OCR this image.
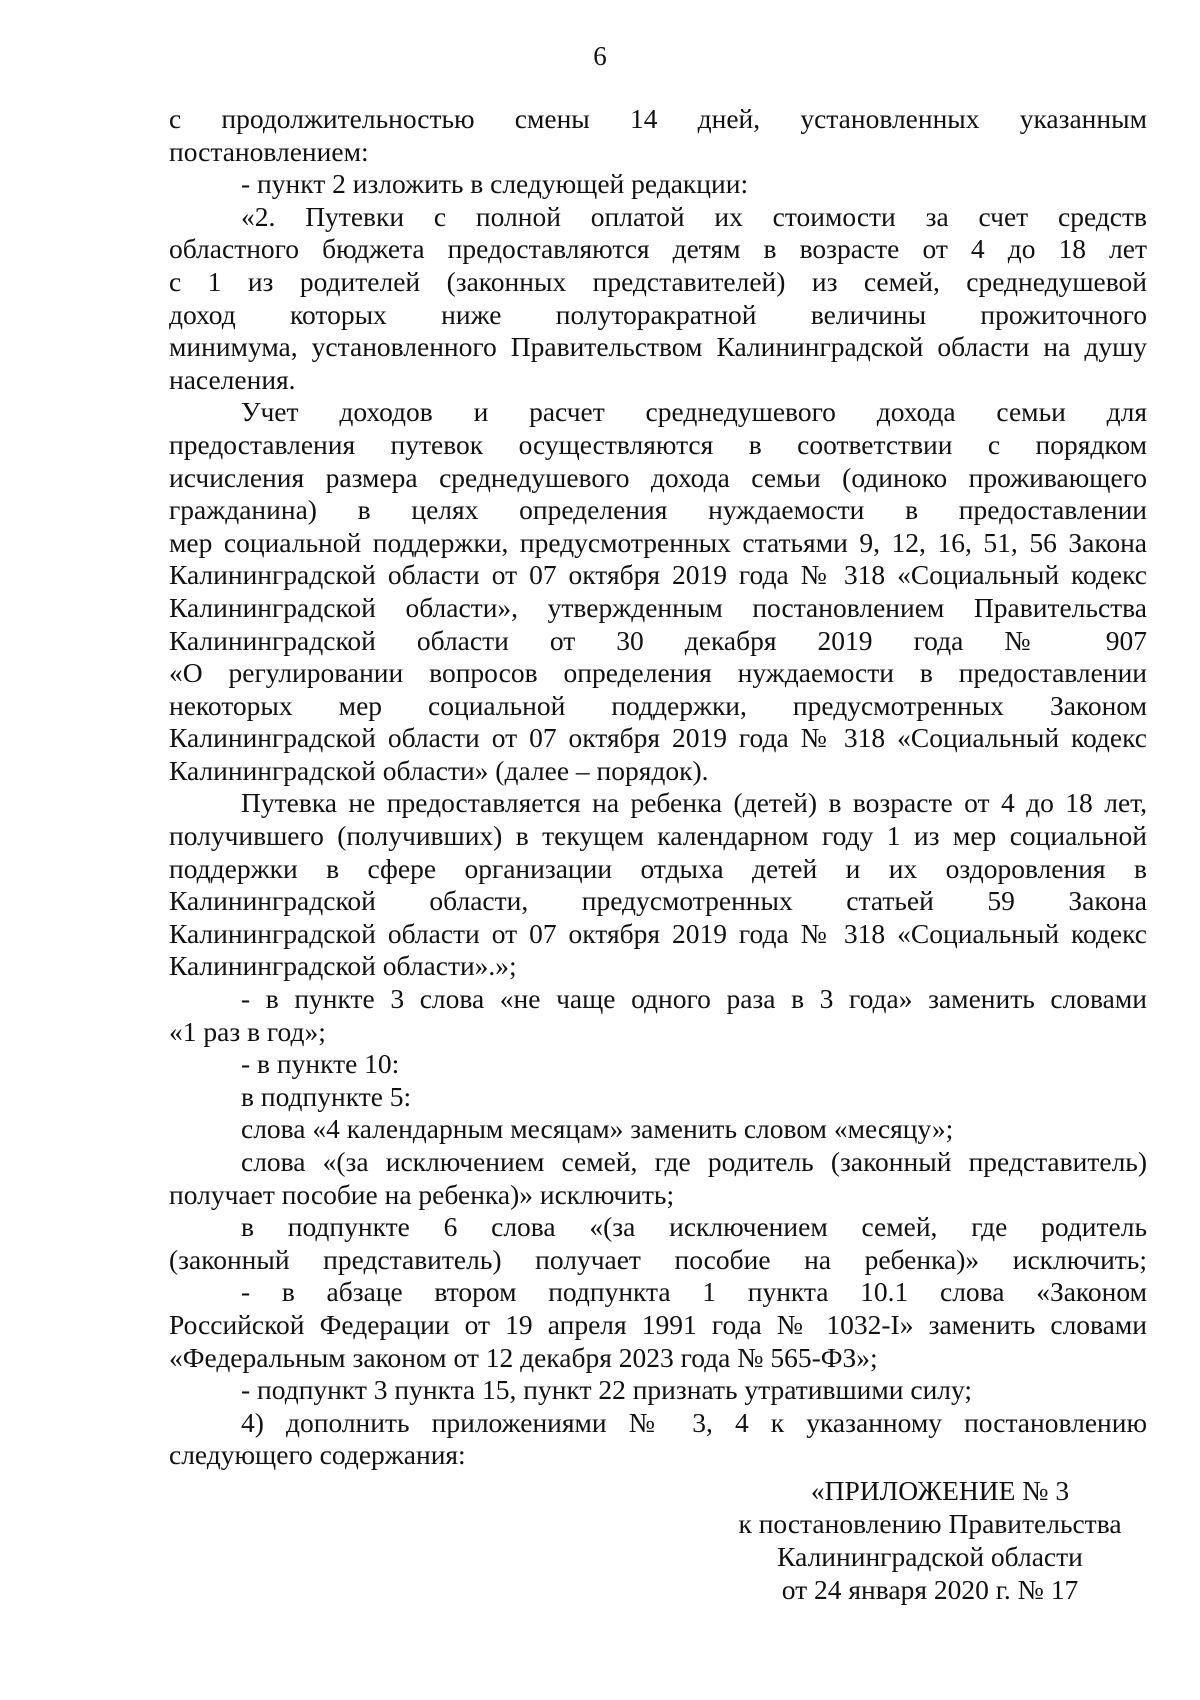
6
с продолжительностью смены 14 дней, установленных указанным
постановлением:
- пункт 2 изложить в следующей редакции:
«2. Путевки с полной оплатой их стоимости за счет средств
областного бюджета предоставляются детям в возрасте от 4 до 18 лет
с 1 из родителей (законных представителей) из семей, среднедушевой
доход которых ниже полуторакратной величины прожиточного
минимума, установленного Правительством Калининградской области на душу
населения.
Учет доходов и расчет среднедушевого дохода семьи для
предоставления путевок осуществляются в соответствии с порядком
исчисления размера среднедушевого дохода семьи (одиноко проживающего
гражданина) в целях определения нуждаемости в предоставлении
мер социальной поддержки, предусмотренных статьями 9, 12, 16, 51, 56 Закона
Калининградской области от 07 октября 2019 года № 318 «Социальный кодекс
Калининградской области», утвержденным постановлением Правительства
Калининградской области от 30 декабря 2019 года № 907
«О регулировании вопросов определения нуждаемости в предоставлении
некоторых мер социальной поддержки, предусмотренных Законом
Калининградской области от 07 октября 2019 года № 318 «Социальный кодекс
Калининградской области» (далее – порядок).
Путевка не предоставляется на ребенка (детей) в возрасте от 4 до 18 лет,
получившего (получивших) в текущем календарном году 1 из мер социальной
поддержки в сфере организации отдыха детей и их оздоровления в
Калининградской области, предусмотренных статьей 59 Закона
Калининградской области от 07 октября 2019 года № 318 «Социальный кодекс
Калининградской области».»;
- в пункте 3 слова «не чаще одного раза в 3 года» заменить словами
«1 раз в год»;
- в пункте 10:
в подпункте 5:
слова «4 календарным месяцам» заменить словом «месяцу»;
слова «(за исключением семей, где родитель (законный представитель)
получает пособие на ребенка)» исключить;
в подпункте 6 слова «(за исключением семей, где родитель
(законный представитель) получает пособие на ребенка)» исключить;
- в абзаце втором подпункта 1 пункта 10.1 слова «Законом
Российской Федерации от 19 апреля 1991 года № 1032-I» заменить словами
«Федеральным законом от 12 декабря 2023 года № 565-ФЗ»;
- подпункт 3 пункта 15, пункт 22 признать утратившими силу;
4) дополнить приложениями № 3, 4 к указанному постановлению
следующего содержания:
«ПРИЛОЖЕНИЕ № 3
к постановлению Правительства
Калининградской области
от 24 января 2020 г. № 17
